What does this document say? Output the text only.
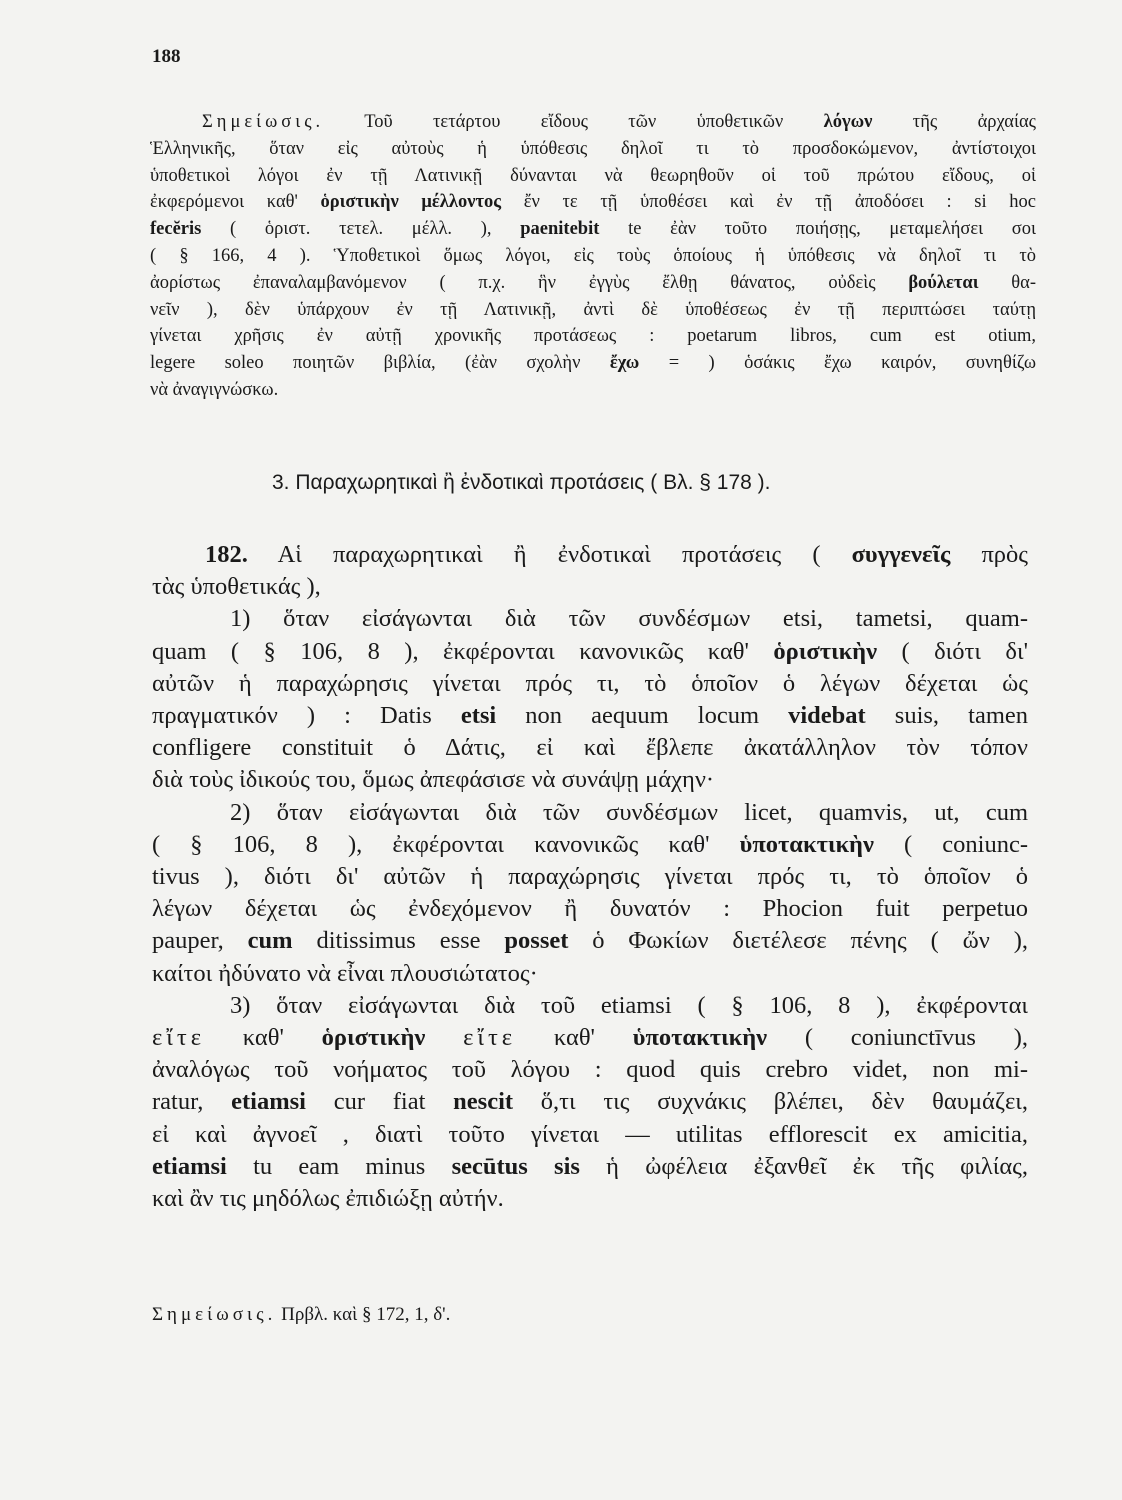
188
Σημείωσις. Τοῦ τετάρτου εἴδους τῶν ὑποθετικῶν λόγων τῆς ἀρχαίας
Ἑλληνικῆς, ὅταν εἰς αὐτοὺς ἡ ὑπόθεσις δηλοῖ τι τὸ προσδοκώμενον, ἀντίστοιχοι
ὑποθετικοὶ λόγοι ἐν τῇ Λατινικῇ δύνανται νὰ θεωρηθοῦν οἱ τοῦ πρώτου εἴδους, οἱ
ἐκφερόμενοι καθ' ὁριστικὴν μέλλοντος ἔν τε τῇ ὑποθέσει καὶ ἐν τῇ ἀποδόσει : si hoc
fecĕris ( ὁριστ. τετελ. μέλλ. ), paenitebit te ἐὰν τοῦτο ποιήσῃς, μεταμελήσει σοι
( § 166, 4 ). Ὑποθετικοὶ ὅμως λόγοι, εἰς τοὺς ὁποίους ἡ ὑπόθεσις νὰ δηλοῖ τι τὸ
ἀορίστως ἐπαναλαμβανόμενον ( π.χ. ἣν ἐγγὺς ἔλθῃ θάνατος, οὐδεὶς βούλεται θα-
νεῖν ), δὲν ὑπάρχουν ἐν τῇ Λατινικῇ, ἀντὶ δὲ ὑποθέσεως ἐν τῇ περιπτώσει ταύτῃ
γίνεται χρῆσις ἐν αὐτῇ χρονικῆς προτάσεως : poetarum libros, cum est otium,
legere soleo ποιητῶν βιβλία, (ἐὰν σχολὴν ἔχω = ) ὁσάκις ἔχω καιρόν, συνηθίζω
νὰ ἀναγιγνώσκω.
3. Παραχωρητικαὶ ἢ ἐνδοτικαὶ προτάσεις ( Βλ. § 178 ).
182. Αἱ παραχωρητικαὶ ἢ ἐνδοτικαὶ προτάσεις ( συγγενεῖς πρὸς
τὰς ὑποθετικάς ),
1) ὅταν εἰσάγωνται διὰ τῶν συνδέσμων etsi, tametsi, quam-
quam ( § 106, 8 ), ἐκφέρονται κανονικῶς καθ' ὁριστικὴν ( διότι δι'
αὐτῶν ἡ παραχώρησις γίνεται πρός τι, τὸ ὁποῖον ὁ λέγων δέχεται ὡς
πραγματικόν ) : Datis etsi non aequum locum videbat suis, tamen
confligere constituit ὁ Δάτις, εἰ καὶ ἔβλεπε ἀκατάλληλον τὸν τόπον
διὰ τοὺς ἰδικούς του, ὅμως ἀπεφάσισε νὰ συνάψῃ μάχην·
2) ὅταν εἰσάγωνται διὰ τῶν συνδέσμων licet, quamvis, ut, cum
( § 106, 8 ), ἐκφέρονται κανονικῶς καθ' ὑποτακτικὴν ( coniunc-
tivus ), διότι δι' αὐτῶν ἡ παραχώρησις γίνεται πρός τι, τὸ ὁποῖον ὁ
λέγων δέχεται ὡς ἐνδεχόμενον ἢ δυνατόν : Phocion fuit perpetuo
pauper, cum ditissimus esse posset ὁ Φωκίων διετέλεσε πένης ( ὤν ),
καίτοι ἠδύνατο νὰ εἶναι πλουσιώτατος·
3) ὅταν εἰσάγωνται διὰ τοῦ etiamsi ( § 106, 8 ), ἐκφέρονται
εἴτε καθ' ὁριστικὴν εἴτε καθ' ὑποτακτικὴν ( coniunctīvus ),
ἀναλόγως τοῦ νοήματος τοῦ λόγου : quod quis crebro videt, non mi-
ratur, etiamsi cur fiat nescit ὅ,τι τις συχνάκις βλέπει, δὲν θαυμάζει,
εἰ καὶ ἀγνοεῖ , διατὶ τοῦτο γίνεται — utilitas efflorescit ex amicitia,
etiamsi tu eam minus secūtus sis ἡ ὠφέλεια ἐξανθεῖ ἐκ τῆς φιλίας,
καὶ ἂν τις μηδόλως ἐπιδιώξῃ αὐτήν.
Σημείωσις. Πρβλ. καὶ § 172, 1, δ'.
